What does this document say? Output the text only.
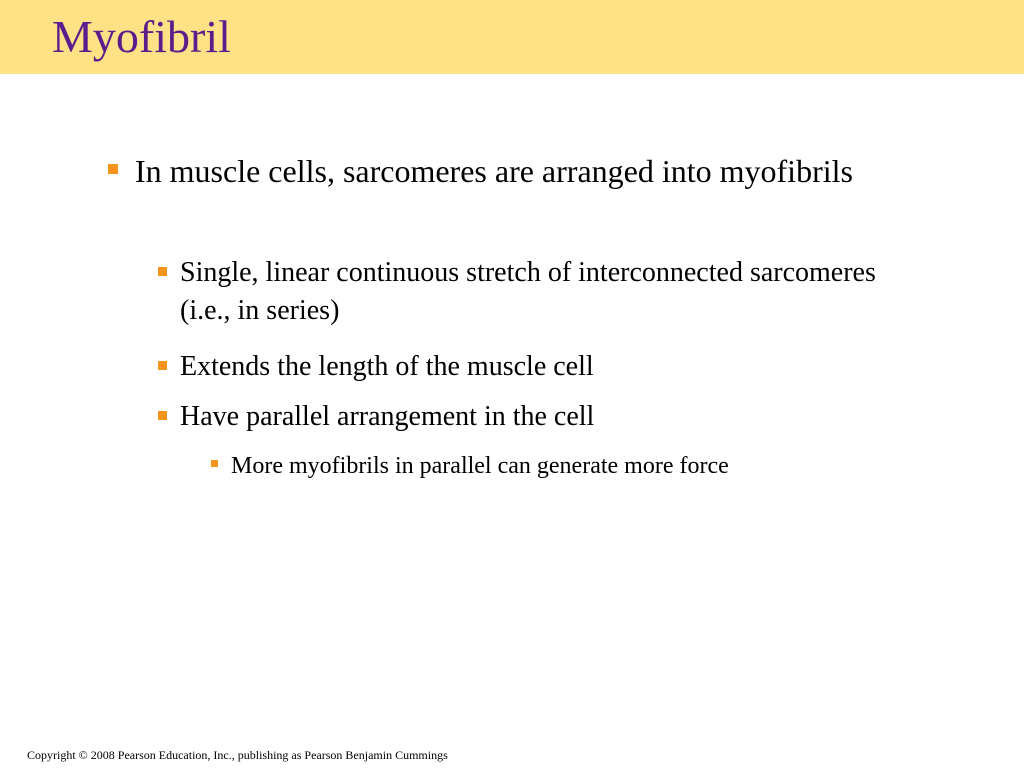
Myofibril
In muscle cells, sarcomeres are arranged into myofibrils
Single, linear continuous stretch of interconnected sarcomeres (i.e., in series)
Extends the length of the muscle cell
Have parallel arrangement in the cell
More myofibrils in parallel can generate more force
Copyright © 2008 Pearson Education, Inc., publishing as Pearson Benjamin Cummings
